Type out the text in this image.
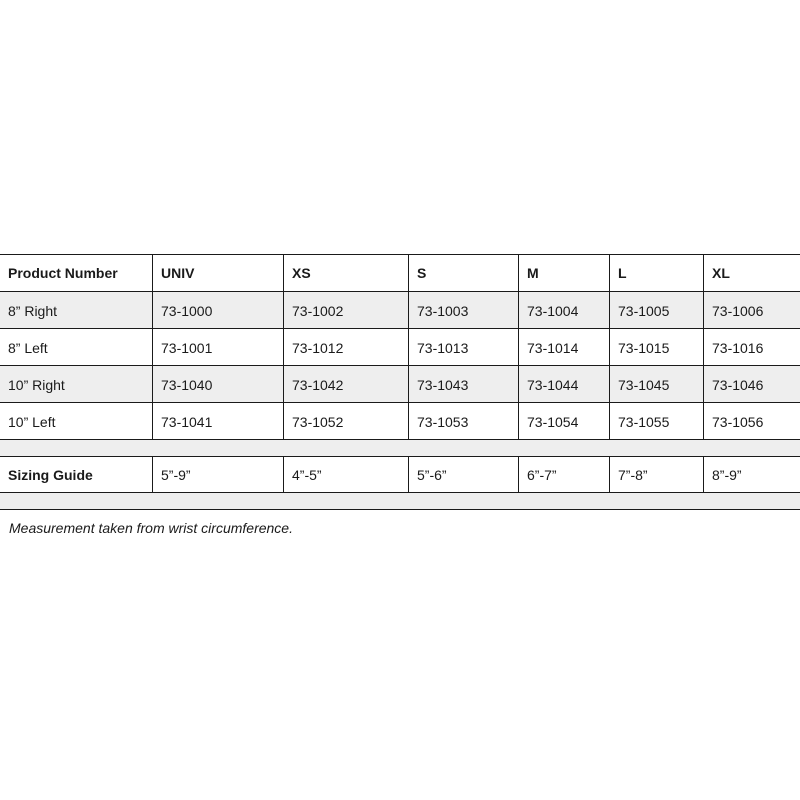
Product Number	UNIV	XS	S	M	L	XL
8” Right	73-1000	73-1002	73-1003	73-1004	73-1005	73-1006
8” Left	73-1001	73-1012	73-1013	73-1014	73-1015	73-1016
10” Right	73-1040	73-1042	73-1043	73-1044	73-1045	73-1046
10” Left	73-1041	73-1052	73-1053	73-1054	73-1055	73-1056
Sizing Guide	5”-9”	4”-5”	5”-6”	6”-7”	7”-8”	8”-9”
Measurement taken from wrist circumference.
